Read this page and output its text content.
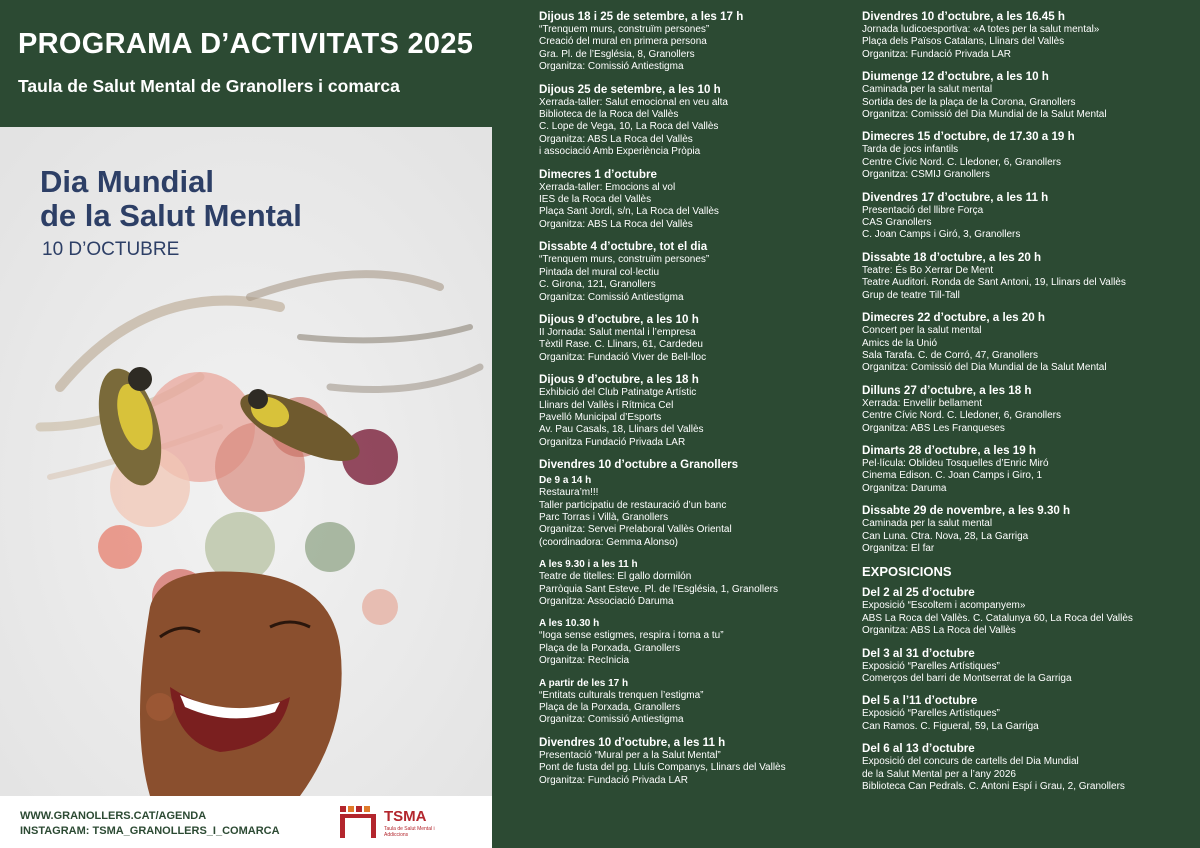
PROGRAMA D’ACTIVITATS 2025
Taula de Salut Mental de Granollers i comarca
Dia Mundial
de la Salut Mental
10 D’OCTUBRE
WWW.GRANOLLERS.CAT/AGENDA
INSTAGRAM: TSMA_GRANOLLERS_I_COMARCA
TSMA
Taula de Salut Mental i Addiccions
Dijous 18 i 25 de setembre, a les 17 h
“Trenquem murs, construïm persones”
Creació del mural en primera persona
Gra. Pl. de l’Església, 8, Granollers
Organitza: Comissió Antiestigma
Dijous 25 de setembre, a les 10 h
Xerrada-taller: Salut emocional en veu alta
Biblioteca de la Roca del Vallès
C. Lope de Vega, 10, La Roca del Vallès
Organitza: ABS La Roca del Vallès
i associació Amb Experiència Pròpia
Dimecres 1 d’octubre
Xerrada-taller: Emocions al vol
IES de la Roca del Vallès
Plaça Sant Jordi, s/n, La Roca del Vallès
Organitza: ABS La Roca del Vallès
Dissabte 4 d’octubre, tot el dia
“Trenquem murs, construïm persones”
Pintada del mural col·lectiu
C. Girona, 121, Granollers
Organitza: Comissió Antiestigma
Dijous 9 d’octubre, a les 10 h
II Jornada: Salut mental i l’empresa
Tèxtil Rase. C. Llinars, 61, Cardedeu
Organitza: Fundació Viver de Bell-lloc
Dijous 9 d’octubre, a les 18 h
Exhibició del Club Patinatge Artístic
Llinars del Vallès i Rítmica Cel
Pavelló Municipal d’Esports
Av. Pau Casals, 18, Llinars del Vallès
Organitza Fundació Privada LAR
Divendres 10 d’octubre a Granollers
De 9 a 14 h
Restaura’m!!!
Taller participatiu de restauració d’un banc
Parc Torras i Villà, Granollers
Organitza: Servei Prelaboral Vallès Oriental
(coordinadora: Gemma Alonso)
A les 9.30 i a les 11 h
Teatre de titelles: El gallo dormilón
Parròquia Sant Esteve. Pl. de l’Església, 1, Granollers
Organitza: Associació Daruma
A les 10.30 h
“Ioga sense estigmes, respira i torna a tu”
Plaça de la Porxada, Granollers
Organitza: RecInicia
A partir de les 17 h
“Entitats culturals trenquen l’estigma”
Plaça de la Porxada, Granollers
Organitza: Comissió Antiestigma
Divendres 10 d’octubre, a les 11 h
Presentació “Mural per a la Salut Mental”
Pont de fusta del pg. Lluís Companys, Llinars del Vallès
Organitza: Fundació Privada LAR
Divendres 10 d’octubre, a les 16.45 h
Jornada ludicoesportiva: «A totes per la salut mental»
Plaça dels Països Catalans, Llinars del Vallès
Organitza: Fundació Privada LAR
Diumenge 12 d’octubre, a les 10 h
Caminada per la salut mental
Sortida des de la plaça de la Corona, Granollers
Organitza: Comissió del Dia Mundial de la Salut Mental
Dimecres 15 d’octubre, de 17.30 a 19 h
Tarda de jocs infantils
Centre Cívic Nord. C. Lledoner, 6, Granollers
Organitza: CSMIJ Granollers
Divendres 17 d’octubre, a les 11 h
Presentació del llibre Força
CAS Granollers
C. Joan Camps i Giró, 3, Granollers
Dissabte 18 d’octubre, a les 20 h
Teatre: És Bo Xerrar De Ment
Teatre Auditori. Ronda de Sant Antoni, 19, Llinars del Vallès
Grup de teatre Till-Tall
Dimecres 22 d’octubre, a les 20 h
Concert per la salut mental
Amics de la Unió
Sala Tarafa. C. de Corró, 47, Granollers
Organitza: Comissió del Dia Mundial de la Salut Mental
Dilluns 27 d’octubre, a les 18 h
Xerrada: Envellir bellament
Centre Cívic Nord. C. Lledoner, 6, Granollers
Organitza: ABS Les Franqueses
Dimarts 28 d’octubre, a les 19 h
Pel·lícula: Oblideu Tosquelles d’Enric Miró
Cinema Edison. C. Joan Camps i Giro, 1
Organitza: Daruma
Dissabte 29 de novembre, a les 9.30 h
Caminada per la salut mental
Can Luna. Ctra. Nova, 28, La Garriga
Organitza: El far
EXPOSICIONS
Del 2 al 25 d’octubre
Exposició “Escoltem i acompanyem»
ABS La Roca del Vallès. C. Catalunya 60, La Roca del Vallès
Organitza: ABS La Roca del Vallès
Del 3 al 31 d’octubre
Exposició “Parelles Artístiques”
Comerços del barri de Montserrat de la Garriga
Del 5 a l’11 d’octubre
Exposició “Parelles Artístiques”
Can Ramos. C. Figueral, 59, La Garriga
Del 6 al 13 d’octubre
Exposició del concurs de cartells del Dia Mundial
de la Salut Mental per a l’any 2026
Biblioteca Can Pedrals. C. Antoni Espí i Grau, 2, Granollers
